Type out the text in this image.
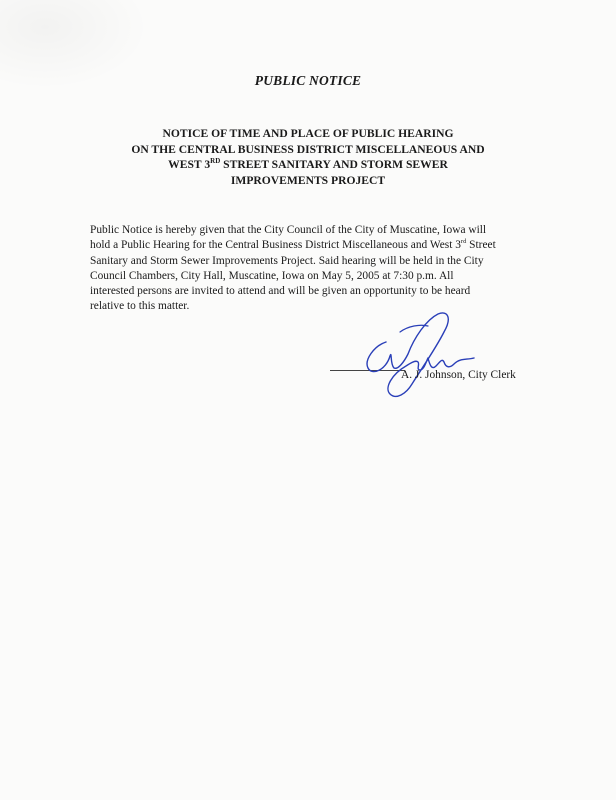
PUBLIC NOTICE
NOTICE OF TIME AND PLACE OF PUBLIC HEARING
ON THE CENTRAL BUSINESS DISTRICT MISCELLANEOUS AND
WEST 3RD STREET SANITARY AND STORM SEWER
IMPROVEMENTS PROJECT
Public Notice is hereby given that the City Council of the City of Muscatine, Iowa will
hold a Public Hearing for the Central Business District Miscellaneous and West 3rd Street
Sanitary and Storm Sewer Improvements Project. Said hearing will be held in the City
Council Chambers, City Hall, Muscatine, Iowa on May 5, 2005 at 7:30 p.m. All
interested persons are invited to attend and will be given an opportunity to be heard
relative to this matter.
A. J. Johnson, City Clerk
